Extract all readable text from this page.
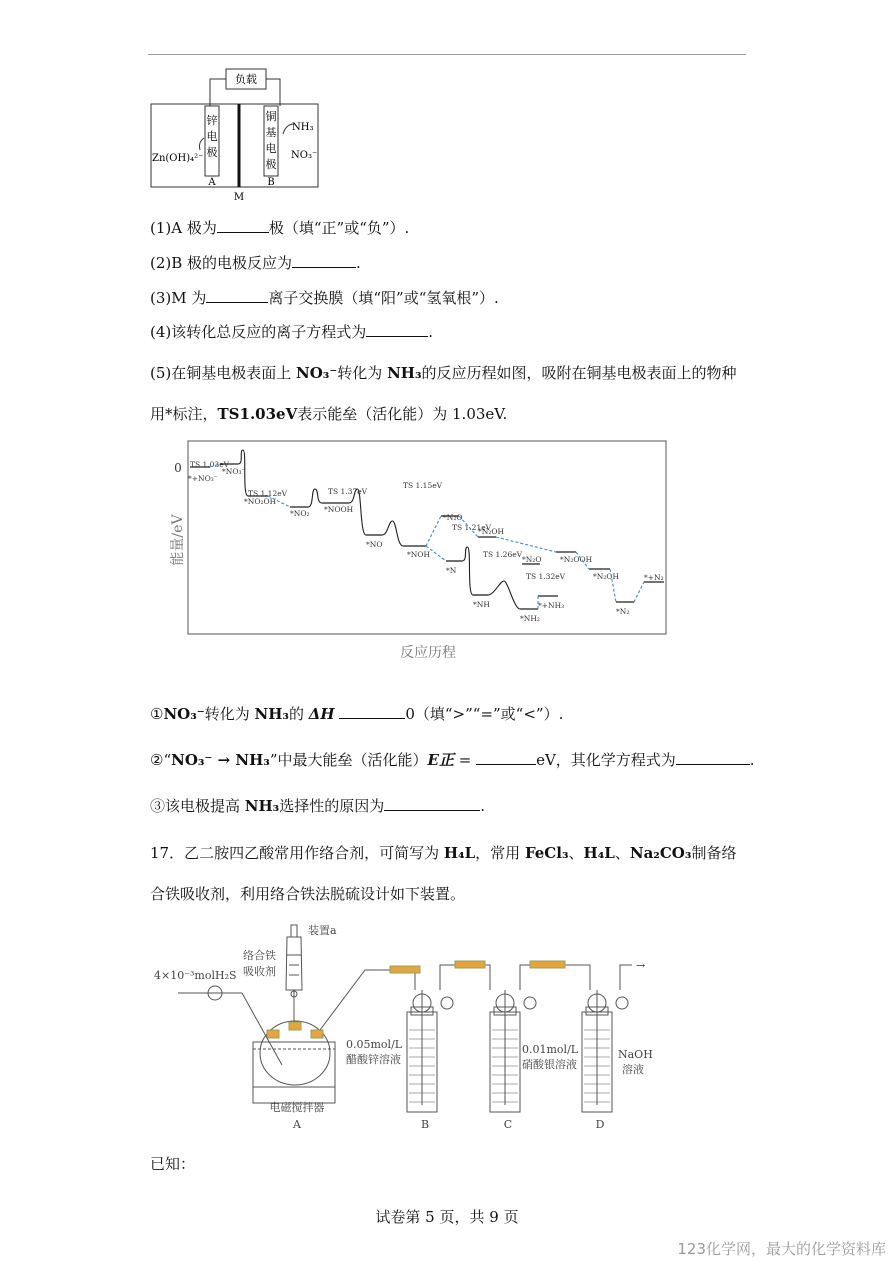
负载
锌
电
极
铜
基
电
极
Zn(OH)₄²⁻
NH₃
NO₃⁻
A	B
M
(1)A 极为	极（填“正”或“负”）.
(2)B 极的电极反应为	.
(3)M 为	离子交换膜（填“阳”或“氢氧根”）.
(4)该转化总反应的离子方程式为	.
(5)在铜基电极表面上 NO₃⁻转化为 NH₃的反应历程如图，吸附在铜基电极表面上的物种
用*标注，TS1.03eV表示能垒（活化能）为 1.03eV.
0
能量/eV
反应历程
*+NO₃⁻
TS 1.03eV
*NO₃⁻
*NO₂OH
TS 1.12eV
*NO₂ *NOOH
TS 1.37eV
*NO
*NOH
TS 1.15eV
*N₂O
*N₂OH
*N
TS 1.21eV
*NH
TS 1.26eV
*NH₂
TS 1.32eV
*+NH₃
*N₂O *N₂OOH
*N₂OH
*N₂
*+N₂
①NO₃⁻转化为 NH₃的 ΔH	0（填“>”“=”或“<”）.
②“NO₃⁻ → NH₃”中最大能垒（活化能）E正 =	eV，其化学方程式为	.
③该电极提高 NH₃选择性的原因为	.
17．乙二胺四乙酸常用作络合剂，可简写为 H₄L，常用 FeCl₃、H₄L、Na₂CO₃制备络
合铁吸收剂，利用络合铁法脱硫设计如下装置。
装置a
络合铁
吸收剂
电磁搅拌器
A
4×10⁻³molH₂S
→
0.05mol/L
醋酸锌溶液
0.01mol/L
硝酸银溶液
NaOH
溶液
B	C	D
已知：
试卷第 5 页，共 9 页
123化学网，最大的化学资料库
